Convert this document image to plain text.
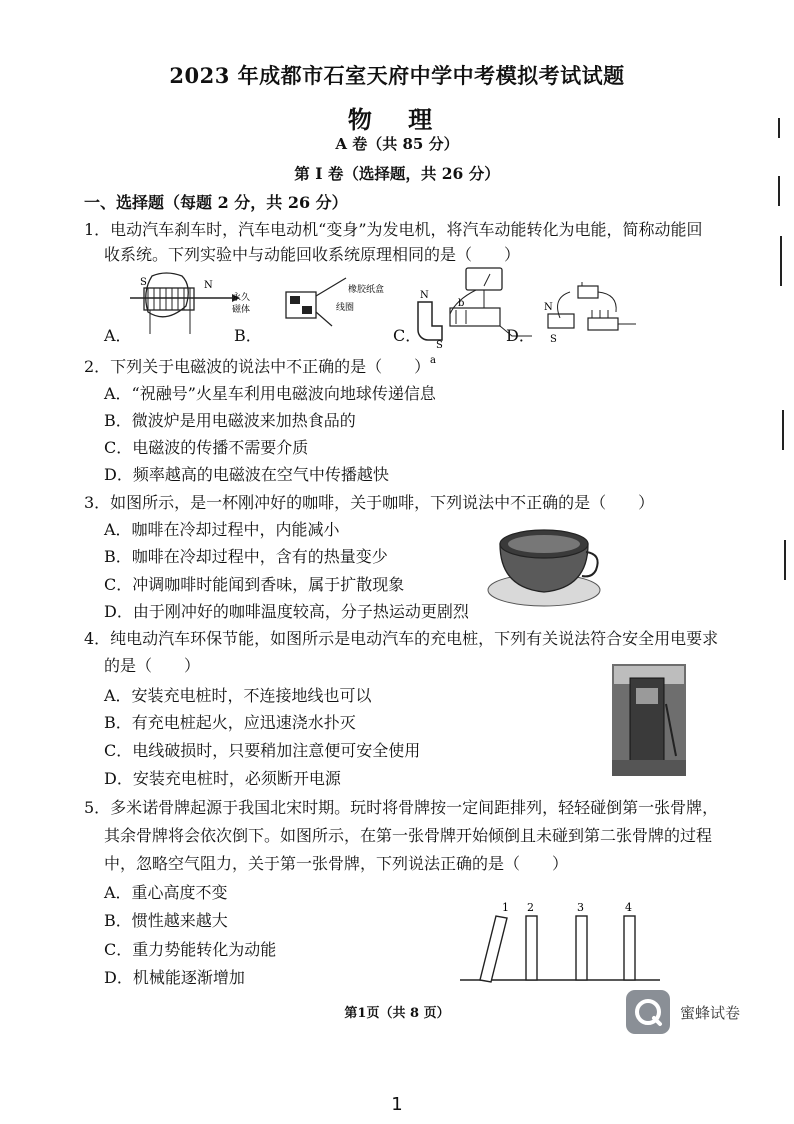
2023 年成都市石室天府中学中考模拟考试试题
物 理
A 卷（共 85 分）
第 I 卷（选择题，共 26 分）
一、选择题（每题 2 分，共 26 分）
1．电动汽车刹车时，汽车电动机“变身”为发电机，将汽车动能转化为电能，简称动能回
收系统。下列实验中与动能回收系统原理相同的是（　　）
S	N
永久
磁体
橡胶纸盒
线圈
N
S
a
b	N
S
A．	B．	C．	D．
2．下列关于电磁波的说法中不正确的是（　　）
A．“祝融号”火星车利用电磁波向地球传递信息
B．微波炉是用电磁波来加热食品的
C．电磁波的传播不需要介质
D．频率越高的电磁波在空气中传播越快
3．如图所示，是一杯刚冲好的咖啡，关于咖啡，下列说法中不正确的是（　　）
A．咖啡在冷却过程中，内能减小
B．咖啡在冷却过程中，含有的热量变少
C．冲调咖啡时能闻到香味，属于扩散现象
D．由于刚冲好的咖啡温度较高，分子热运动更剧烈
4．纯电动汽车环保节能，如图所示是电动汽车的充电桩，下列有关说法符合安全用电要求
的是（　　）
A．安装充电桩时，不连接地线也可以
B．有充电桩起火，应迅速浇水扑灭
C．电线破损时，只要稍加注意便可安全使用
D．安装充电桩时，必须断开电源
5．多米诺骨牌起源于我国北宋时期。玩时将骨牌按一定间距排列，轻轻碰倒第一张骨牌，
其余骨牌将会依次倒下。如图所示，在第一张骨牌开始倾倒且未碰到第二张骨牌的过程
中，忽略空气阻力，关于第一张骨牌，下列说法正确的是（　　）
A．重心高度不变
B．惯性越来越大
C．重力势能转化为动能
D．机械能逐渐增加
1 2	3	4
第1页（共 8 页）	蜜蜂试卷
1
